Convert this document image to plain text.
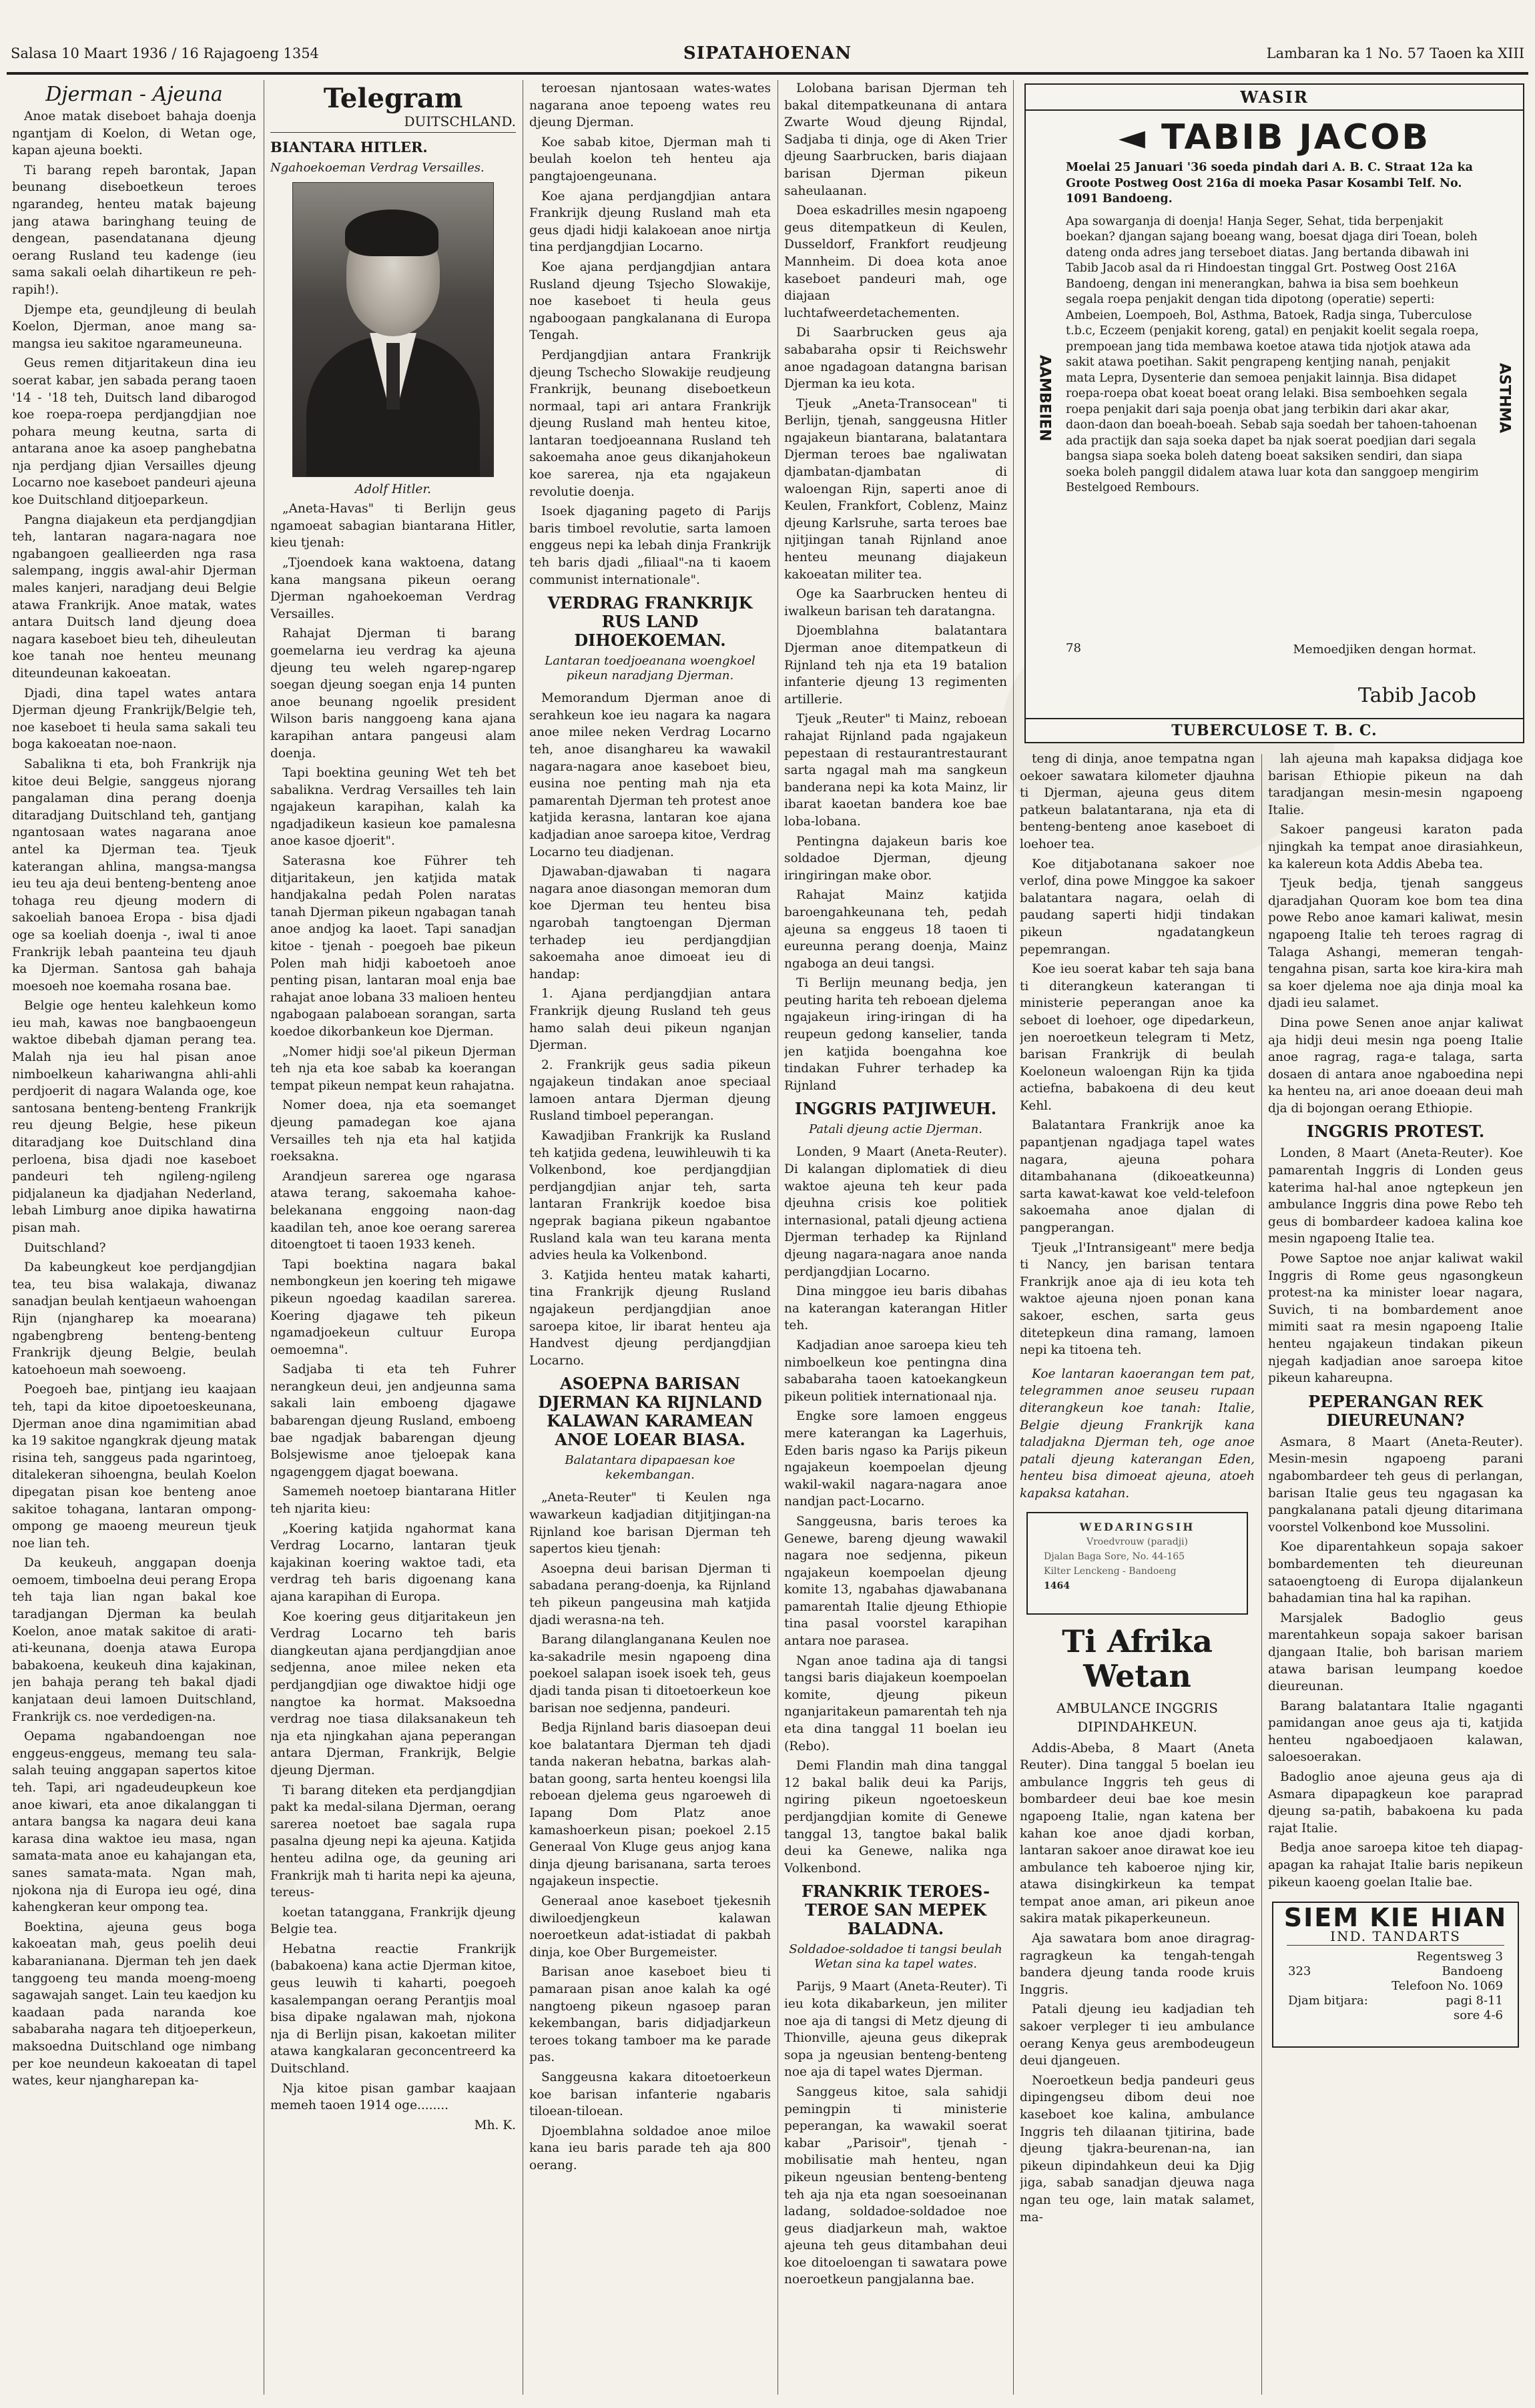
Salasa 10 Maart 1936 / 16 Rajagoeng 1354	SIPATAHOENAN	Lambaran ka 1 No. 57 Taoen ka XIII
Djerman - Ajeuna

Anoe matak diseboet bahaja doenja ngantjam di Koelon, di Wetan oge, kapan ajeuna boekti.

Ti barang repeh barontak, Japan beunang diseboetkeun teroes ngarandeg, henteu matak bajeung jang atawa baringhang teuing de dengean, pasendatanana djeung oerang Rusland teu kadenge (ieu sama sakali oelah dihartikeun re peh-rapih!).

Djempe eta, geundjleung di beulah Koelon, Djerman, anoe mang sa-mangsa ieu sakitoe ngarameuneuna.

Geus remen ditjaritakeun dina ieu soerat kabar, jen sabada perang taoen '14 - '18 teh, Duitsch land dibarogod koe roepa-roepa perdjangdjian noe pohara meung keutna, sarta di antarana anoe ka asoep panghebatna nja perdjang djian Versailles djeung Locarno noe kaseboet pandeuri ajeuna koe Duitschland ditjoeparkeun.

Pangna diajakeun eta perdjangdjian teh, lantaran nagara-nagara noe ngabangoen geallieerden nga rasa salempang, inggis awal-ahir Djerman males kanjeri, naradjang deui Belgie atawa Frankrijk. Anoe matak, wates antara Duitsch land djeung doea nagara kaseboet bieu teh, diheuleutan koe tanah noe henteu meunang diteundeunan kakoeatan.

Djadi, dina tapel wates antara Djerman djeung Frankrijk/Belgie teh, noe kaseboet ti heula sama sakali teu boga kakoeatan noe-naon.

Sabalikna ti eta, boh Frankrijk nja kitoe deui Belgie, sanggeus njorang pangalaman dina perang doenja ditaradjang Duitschland teh, gantjang ngantosaan wates nagarana anoe antel ka Djerman tea. Tjeuk katerangan ahlina, mangsa-mangsa ieu teu aja deui benteng-benteng anoe tohaga reu djeung modern di sakoeliah banoea Eropa - bisa djadi oge sa koeliah doenja -, iwal ti anoe Frankrijk lebah paanteina teu djauh ka Djerman. Santosa gah bahaja moesoeh noe koemaha rosana bae.

Belgie oge henteu kalehkeun komo ieu mah, kawas noe bangbaoengeun waktoe dibebah djaman perang tea. Malah nja ieu hal pisan anoe nimboelkeun kahariwangna ahli-ahli perdjoerit di nagara Walanda oge, koe santosana benteng-benteng Frankrijk reu djeung Belgie, hese pikeun ditaradjang koe Duitschland dina perloena, bisa djadi noe kaseboet pandeuri teh ngileng-ngileng pidjalaneun ka djadjahan Nederland, lebah Limburg anoe dipika hawatirna pisan mah.

Duitschland?

Da kabeungkeut koe perdjangdjian tea, teu bisa walakaja, diwanaz sanadjan beulah kentjaeun wahoengan Rijn (njangharep ka moearana) ngabengbreng benteng-benteng Frankrijk djeung Belgie, beulah katoehoeun mah soewoeng.

Poegoeh bae, pintjang ieu kaajaan teh, tapi da kitoe dipoetoeskeunana, Djerman anoe dina ngamimitian abad ka 19 sakitoe ngangkrak djeung matak risina teh, sanggeus pada ngarintoeg, ditalekeran sihoengna, beulah Koelon dipegatan pisan koe benteng anoe sakitoe tohagana, lantaran ompong-ompong ge maoeng meureun tjeuk noe lian teh.

Da keukeuh, anggapan doenja oemoem, timboelna deui perang Eropa teh taja lian ngan bakal koe taradjangan Djerman ka beulah Koelon, anoe matak sakitoe di arati-ati-keunana, doenja atawa Europa babakoena, keukeuh dina kajakinan, jen bahaja perang teh bakal djadi kanjataan deui lamoen Duitschland, Frankrijk cs. noe verdedigen-na.

Oepama ngabandoengan noe enggeus-enggeus, memang teu sala-salah teuing anggapan sapertos kitoe teh. Tapi, ari ngadeudeupkeun koe anoe kiwari, eta anoe dikalanggan ti antara bangsa ka nagara deui kana karasa dina waktoe ieu masa, ngan samata-mata anoe eu kahajangan eta, sanes samata-mata. Ngan mah, njokona nja di Europa ieu ogé, dina kahengkeran keur ompong tea.

Boektina, ajeuna geus boga kakoeatan mah, geus poelih deui kabaranianana. Djerman teh jen daek tanggoeng teu manda moeng-moeng sagawajah sanget. Lain teu kaedjon ku kaadaan pada naranda koe sababaraha nagara teh ditjoeperkeun, maksoedna Duitschland oge nimbang per koe neundeun kakoeatan di tapel wates, keur njangharepan ka-

Telegram
DUITSCHLAND.
BIANTARA HITLER.
Ngahoekoeman Verdrag Versailles.

Adolf Hitler.

„Aneta-Havas" ti Berlijn geus ngamoeat sabagian biantarana Hitler, kieu tjenah:

„Tjoendoek kana waktoena, datang kana mangsana pikeun oerang Djerman ngahoekoeman Verdrag Versailles.

Rahajat Djerman ti barang goemelarna ieu verdrag ka ajeuna djeung teu weleh ngarep-ngarep soegan djeung soegan enja 14 punten anoe beunang ngoelik president Wilson baris nanggoeng kana ajana karapihan antara pangeusi alam doenja.

Tapi boektina geuning Wet teh bet sabalikna. Verdrag Versailles teh lain ngajakeun karapihan, kalah ka ngadjadikeun kasieun koe pamalesna anoe kasoe djoerit".

Saterasna koe Führer teh ditjaritakeun, jen katjida matak handjakalna pedah Polen naratas tanah Djerman pikeun ngabagan tanah anoe andjog ka laoet. Tapi sanadjan kitoe - tjenah - poegoeh bae pikeun Polen mah hidji kaboetoeh anoe penting pisan, lantaran moal enja bae rahajat anoe lobana 33 malioen henteu ngabogaan palaboean sorangan, sarta koedoe dikorbankeun koe Djerman.

„Nomer hidji soe'al pikeun Djerman teh nja eta koe sabab ka koerangan tempat pikeun nempat keun rahajatna.

Nomer doea, nja eta soemanget djeung pamadegan koe ajana Versailles teh nja eta hal katjida roeksakna.

Arandjeun sarerea oge ngarasa atawa terang, sakoemaha kahoe-belekanana enggoing naon-dag kaadilan teh, anoe koe oerang sarerea ditoengtoet ti taoen 1933 keneh.

Tapi boektina nagara bakal nembongkeun jen koering teh migawe pikeun ngoedag kaadilan sarerea. Koering djagawe teh pikeun ngamadjoekeun cultuur Europa oemoemna".

Sadjaba ti eta teh Fuhrer nerangkeun deui, jen andjeunna sama sakali lain emboeng djagawe babarengan djeung Rusland, emboeng bae ngadjak babarengan djeung Bolsjewisme anoe tjeloepak kana ngagenggem djagat boewana.

Samemeh noetoep biantarana Hitler teh njarita kieu:

„Koering katjida ngahormat kana Verdrag Locarno, lantaran tjeuk kajakinan koering waktoe tadi, eta verdrag teh baris digoenang kana ajana karapihan di Europa.

Koe koering geus ditjaritakeun jen Verdrag Locarno teh baris diangkeutan ajana perdjangdjian anoe sedjenna, anoe milee neken eta perdjangdjian oge diwaktoe hidji oge nangtoe ka hormat. Maksoedna verdrag noe tiasa dilaksanakeun teh nja eta njingkahan ajana peperangan antara Djerman, Frankrijk, Belgie djeung Djerman.

Ti barang diteken eta perdjangdjian pakt ka medal-silana Djerman, oerang sarerea noetoet bae sagala rupa pasalna djeung nepi ka ajeuna. Katjida henteu adilna oge, da geuning ari Frankrijk mah ti harita nepi ka ajeuna, tereus-

koetan tatanggana, Frankrijk djeung Belgie tea.

Hebatna reactie Frankrijk (babakoena) kana actie Djerman kitoe, geus leuwih ti kaharti, poegoeh kasalempangan oerang Perantjis moal bisa dipake ngalawan mah, njokona nja di Berlijn pisan, kakoetan militer atawa kangkalaran geconcentreerd ka Duitschland.

Nja kitoe pisan gambar kaajaan memeh taoen 1914 oge........

Mh. K.

teroesan njantosaan wates-wates nagarana anoe tepoeng wates reu djeung Djerman.

Koe sabab kitoe, Djerman mah ti beulah koelon teh henteu aja pangtajoengeunana.

Koe ajana perdjangdjian antara Frankrijk djeung Rusland mah eta geus djadi hidji kalakoean anoe nirtja tina perdjangdjian Locarno.

Koe ajana perdjangdjian antara Rusland djeung Tsjecho Slowakije, noe kaseboet ti heula geus ngaboogaan pangkalanana di Europa Tengah.

Perdjangdjian antara Frankrijk djeung Tschecho Slowakije reudjeung Frankrijk, beunang diseboetkeun normaal, tapi ari antara Frankrijk djeung Rusland mah henteu kitoe, lantaran toedjoeannana Rusland teh sakoemaha anoe geus dikanjahokeun koe sarerea, nja eta ngajakeun revolutie doenja.

Isoek djaganing pageto di Parijs baris timboel revolutie, sarta lamoen enggeus nepi ka lebah dinja Frankrijk teh baris djadi „filiaal"-na ti kaoem communist internationale".

VERDRAG FRANKRIJK RUS LAND DIHOEKOEMAN.
Lantaran toedjoeanana woengkoel pikeun naradjang Djerman.

Memorandum Djerman anoe di serahkeun koe ieu nagara ka nagara anoe milee neken Verdrag Locarno teh, anoe disanghareu ka wawakil nagara-nagara anoe kaseboet bieu, eusina noe penting mah nja eta pamarentah Djerman teh protest anoe katjida kerasna, lantaran koe ajana kadjadian anoe saroepa kitoe, Verdrag Locarno teu diadjenan.

Djawaban-djawaban ti nagara nagara anoe diasongan memoran dum koe Djerman teu henteu bisa ngarobah tangtoengan Djerman terhadep ieu perdjangdjian sakoemaha anoe dimoeat ieu di handap:

1. Ajana perdjangdjian antara Frankrijk djeung Rusland teh geus hamo salah deui pikeun nganjan Djerman.

2. Frankrijk geus sadia pikeun ngajakeun tindakan anoe speciaal lamoen antara Djerman djeung Rusland timboel peperangan.

Kawadjiban Frankrijk ka Rusland teh katjida gedena, leuwihleuwih ti ka Volkenbond, koe perdjangdjian perdjangdjian anjar teh, sarta lantaran Frankrijk koedoe bisa ngeprak bagiana pikeun ngabantoe Rusland kala wan teu karana menta advies heula ka Volkenbond.

3. Katjida henteu matak kaharti, tina Frankrijk djeung Rusland ngajakeun perdjangdjian anoe saroepa kitoe, lir ibarat henteu aja Handvest djeung perdjangdjian Locarno.

ASOEPNA BARISAN DJERMAN KA RIJNLAND KALAWAN KARAMEAN ANOE LOEAR BIASA.
Balatantara dipapaesan koe kekembangan.

„Aneta-Reuter" ti Keulen nga wawarkeun kadjadian ditjitjingan-na Rijnland koe barisan Djerman teh sapertos kieu tjenah:

Asoepna deui barisan Djerman ti sabadana perang-doenja, ka Rijnland teh pikeun pangeusina mah katjida djadi werasna-na teh.

Barang dilanglanganana Keulen noe ka-sakadrile mesin ngapoeng dina poekoel salapan isoek isoek teh, geus djadi tanda pisan ti ditoetoerkeun koe barisan noe sedjenna, pandeuri.

Bedja Rijnland baris diasoepan deui koe balatantara Djerman teh djadi tanda nakeran hebatna, barkas alah-batan goong, sarta henteu koengsi lila reboean djelema geus ngaroeweh di Iapang Dom Platz anoe kamashoerkeun pisan; poekoel 2.15 Generaal Von Kluge geus anjog kana dinja djeung barisanana, sarta teroes ngajakeun inspectie.

Generaal anoe kaseboet tjekesnih diwiloedjengkeun kalawan noeroetkeun adat-istiadat di pakbah dinja, koe Ober Burgemeister.

Barisan anoe kaseboet bieu ti pamaraan pisan anoe kalah ka ogé nangtoeng pikeun ngasoep paran kekembangan, baris didjadjarkeun teroes tokang tamboer ma ke parade pas.

Sanggeusna kakara ditoetoerkeun koe barisan infanterie ngabaris tiloean-tiloean.

Djoemblahna soldadoe anoe miloe kana ieu baris parade teh aja 800 oerang.

Lolobana barisan Djerman teh bakal ditempatkeunana di antara Zwarte Woud djeung Rijndal, Sadjaba ti dinja, oge di Aken Trier djeung Saarbrucken, baris diajaan barisan Djerman pikeun saheulaanan.

Doea eskadrilles mesin ngapoeng geus ditempatkeun di Keulen, Dusseldorf, Frankfort reudjeung Mannheim. Di doea kota anoe kaseboet pandeuri mah, oge diajaan luchtafweerdetachementen.

Di Saarbrucken geus aja sababaraha opsir ti Reichswehr anoe ngadagoan datangna barisan Djerman ka ieu kota.

Tjeuk „Aneta-Transocean" ti Berlijn, tjenah, sanggeusna Hitler ngajakeun biantarana, balatantara Djerman teroes bae ngaliwatan djambatan-djambatan di waloengan Rijn, saperti anoe di Keulen, Frankfort, Coblenz, Mainz djeung Karlsruhe, sarta teroes bae njitjingan tanah Rijnland anoe henteu meunang diajakeun kakoeatan militer tea.

Oge ka Saarbrucken henteu di iwalkeun barisan teh daratangna.

Djoemblahna balatantara Djerman anoe ditempatkeun di Rijnland teh nja eta 19 batalion infanterie djeung 13 regimenten artillerie.

Tjeuk „Reuter" ti Mainz, reboean rahajat Rijnland pada ngajakeun pepestaan di restaurantrestaurant sarta ngagal mah ma sangkeun banderana nepi ka kota Mainz, lir ibarat kaoetan bandera koe bae loba-lobana.

Pentingna dajakeun baris koe soldadoe Djerman, djeung iringiringan make obor.

Rahajat Mainz katjida baroengahkeunana teh, pedah ajeuna sa enggeus 18 taoen ti eureunna perang doenja, Mainz ngaboga an deui tangsi.

Ti Berlijn meunang bedja, jen peuting harita teh reboean djelema ngajakeun iring-iringan di ha reupeun gedong kanselier, tanda jen katjida boengahna koe tindakan Fuhrer terhadep ka Rijnland

INGGRIS PATJIWEUH.
Patali djeung actie Djerman.

Londen, 9 Maart (Aneta-Reuter). Di kalangan diplomatiek di dieu waktoe ajeuna teh keur pada djeuhna crisis koe politiek internasional, patali djeung actiena Djerman terhadep ka Rijnland djeung nagara-nagara anoe nanda perdjangdjian Locarno.

Dina minggoe ieu baris dibahas na katerangan katerangan Hitler teh.

Kadjadian anoe saroepa kieu teh nimboelkeun koe pentingna dina sababaraha taoen katoekangkeun pikeun politiek internationaal nja.

Engke sore lamoen enggeus mere katerangan ka Lagerhuis, Eden baris ngaso ka Parijs pikeun ngajakeun koempoelan djeung wakil-wakil nagara-nagara anoe nandjan pact-Locarno.

Sanggeusna, baris teroes ka Genewe, bareng djeung wawakil nagara noe sedjenna, pikeun ngajakeun koempoelan djeung komite 13, ngabahas djawabanana pamarentah Italie djeung Ethiopie tina pasal voorstel karapihan antara noe parasea.

Ngan anoe tadina aja di tangsi tangsi baris diajakeun koempoelan komite, djeung pikeun nganjaritakeun pamarentah teh nja eta dina tanggal 11 boelan ieu (Rebo).

Demi Flandin mah dina tanggal 12 bakal balik deui ka Parijs, ngiring pikeun ngoetoeskeun perdjangdjian komite di Genewe tanggal 13, tangtoe bakal balik deui ka Genewe, nalika nga Volkenbond.

FRANKRIK TEROES-TEROE SAN MEPEK BALADNA.
Soldadoe-soldadoe ti tangsi beulah Wetan sina ka tapel wates.

Parijs, 9 Maart (Aneta-Reuter). Ti ieu kota dikabarkeun, jen militer noe aja di tangsi di Metz djeung di Thionville, ajeuna geus dikeprak sopa ja ngeusian benteng-benteng noe aja di tapel wates Djerman.

Sanggeus kitoe, sala sahidji pemingpin ti ministerie peperangan, ka wawakil soerat kabar „Parisoir", tjenah - mobilisatie mah henteu, ngan pikeun ngeusian benteng-benteng teh aja nja eta ngan soesoeinanan ladang, soldadoe-soldadoe noe geus diadjarkeun mah, waktoe ajeuna teh geus ditambahan deui koe ditoeloengan ti sawatara powe noeroetkeun pangjalanna bae.

WASIR
◄ TABIB JACOB
Moelai 25 Januari '36 soeda pindah dari A. B. C. Straat 12a ka Groote Postweg Oost 216a di moeka Pasar Kosambi Telf. No. 1091 Bandoeng.
Apa sowarganja di doenja! Hanja Seger, Sehat, tida berpenjakit boekan? djangan sajang boeang wang, boesat djaga diri Toean, boleh dateng onda adres jang terseboet diatas. Jang bertanda dibawah ini Tabib Jacob asal da ri Hindoestan tinggal Grt. Postweg Oost 216A Bandoeng, dengan ini menerangkan, bahwa ia bisa sem boehkeun segala roepa penjakit dengan tida dipotong (operatie) seperti: Ambeien, Loempoeh, Bol, Asthma, Batoek, Radja singa, Tuberculose t.b.c, Eczeem (penjakit koreng, gatal) en penjakit koelit segala roepa, prempoean jang tida membawa koetoe atawa tida njotjok atawa ada sakit atawa poetihan. Sakit pengrapeng kentjing nanah, penjakit mata Lepra, Dysenterie dan semoea penjakit lainnja. Bisa didapet roepa-roepa obat koeat boeat orang lelaki. Bisa semboehken segala roepa penjakit dari saja poenja obat jang terbikin dari akar akar, daon-daon dan boeah-boeah. Sebab saja soedah ber tahoen-tahoenan ada practijk dan saja soeka dapet ba njak soerat poedjian dari segala bangsa siapa soeka boleh dateng boeat saksiken sendiri, dan siapa soeka boleh panggil didalem atawa luar kota dan sanggoep mengirim Bestelgoed Rembours.
AAMBEIEN	ASTHMA
78	Memoedjiken dengan hormat.
Tabib Jacob
TUBERCULOSE T. B. C.

teng di dinja, anoe tempatna ngan oekoer sawatara kilometer djauhna ti Djerman, ajeuna geus ditem patkeun balatantarana, nja eta di benteng-benteng anoe kaseboet di loehoer tea.

Koe ditjabotanana sakoer noe verlof, dina powe Minggoe ka sakoer balatantara nagara, oelah di paudang saperti hidji tindakan pikeun ngadatangkeun pepemrangan.

Koe ieu soerat kabar teh saja bana ti diterangkeun katerangan ti ministerie peperangan anoe ka seboet di loehoer, oge dipedarkeun, jen noeroetkeun telegram ti Metz, barisan Frankrijk di beulah Koeloneun waloengan Rijn ka tjida actiefna, babakoena di deu keut Kehl.

Balatantara Frankrijk anoe ka papantjenan ngadjaga tapel wates nagara, ajeuna pohara ditambahanana (dikoeatkeunna) sarta kawat-kawat koe veld-telefoon sakoemaha anoe djalan di pangperangan.

Tjeuk „l'Intransigeant" mere bedja ti Nancy, jen barisan tentara Frankrijk anoe aja di ieu kota teh waktoe ajeuna njoen ponan kana sakoer, eschen, sarta geus ditetepkeun dina ramang, lamoen nepi ka titoena teh.

Koe lantaran kaoerangan tem pat, telegrammen anoe seuseu rupaan diterangkeun koe tanah: Italie, Belgie djeung Frankrijk kana taladjakna Djerman teh, oge anoe patali djeung katerangan Eden, henteu bisa dimoeat ajeuna, atoeh kapaksa katahan.

WEDARINGSIH
Vroedvrouw (paradji)
Djalan Baga Sore, No. 44-165
Kilter Lenckeng - Bandoeng
1464
Ti Afrika Wetan
AMBULANCE INGGRIS DIPINDAHKEUN.

Addis-Abeba, 8 Maart (Aneta Reuter). Dina tanggal 5 boelan ieu ambulance Inggris teh geus di bombardeer deui bae koe mesin ngapoeng Italie, ngan katena ber kahan koe anoe djadi korban, lantaran sakoer anoe dirawat koe ieu ambulance teh kaboeroe njing kir, atawa disingkirkeun ka tempat tempat anoe aman, ari pikeun anoe sakira matak pikaperkeuneun.

Aja sawatara bom anoe diragrag-ragragkeun ka tengah-tengah bandera djeung tanda roode kruis Inggris.

Patali djeung ieu kadjadian teh sakoer verpleger ti ieu ambulance oerang Kenya geus arembodeugeun deui djangeuen.

Noeroetkeun bedja pandeuri geus dipingengseu dibom deui noe kaseboet koe kalina, ambulance Inggris teh dilaanan tjitirina, bade djeung tjakra-beurenan-na, ian pikeun dipindahkeun deui ka Djig jiga, sabab sanadjan djeuwa naga ngan teu oge, lain matak salamet, ma-

lah ajeuna mah kapaksa didjaga koe barisan Ethiopie pikeun na dah taradjangan mesin-mesin ngapoeng Italie.

Sakoer pangeusi karaton pada njingkah ka tempat anoe dirasiahkeun, ka kalereun kota Addis Abeba tea.

Tjeuk bedja, tjenah sanggeus djaradjahan Quoram koe bom tea dina powe Rebo anoe kamari kaliwat, mesin ngapoeng Italie teh teroes ragrag di Talaga Ashangi, memeran tengah-tengahna pisan, sarta koe kira-kira mah sa koer djelema noe aja dinja moal ka djadi ieu salamet.

Dina powe Senen anoe anjar kaliwat aja hidji deui mesin nga poeng Italie anoe ragrag, raga-e talaga, sarta dosaen di antara anoe ngaboedina nepi ka henteu na, ari anoe doeaan deui mah dja di bojongan oerang Ethiopie.

INGGRIS PROTEST.

Londen, 8 Maart (Aneta-Reuter). Koe pamarentah Inggris di Londen geus katerima hal-hal anoe ngtepkeun jen ambulance Inggris dina powe Rebo teh geus di bombardeer kadoea kalina koe mesin ngapoeng Italie tea.

Powe Saptoe noe anjar kaliwat wakil Inggris di Rome geus ngasongkeun protest-na ka minister loear nagara, Suvich, ti na bombardement anoe mimiti saat ra mesin ngapoeng Italie henteu ngajakeun tindakan pikeun njegah kadjadian anoe saroepa kitoe pikeun kahareupna.

PEPERANGAN REK DIEUREUNAN?

Asmara, 8 Maart (Aneta-Reuter). Mesin-mesin ngapoeng parani ngabombardeer teh geus di perlangan, barisan Italie geus teu ngagasan ka pangkalanana patali djeung ditarimana voorstel Volkenbond koe Mussolini.

Koe diparentahkeun sopaja sakoer bombardementen teh dieureunan sataoengtoeng di Europa dijalankeun bahadamian tina hal ka rapihan.

Marsjalek Badoglio geus marentahkeun sopaja sakoer barisan djangaan Italie, boh barisan mariem atawa barisan leumpang koedoe dieureunan.

Barang balatantara Italie ngaganti pamidangan anoe geus aja ti, katjida henteu ngaboedjaoen kalawan, saloesoerakan.

Badoglio anoe ajeuna geus aja di Asmara dipapagkeun koe paraprad djeung sa-patih, babakoena ku pada rajat Italie.

Bedja anoe saroepa kitoe teh diapag-apagan ka rahajat Italie baris nepikeun pikeun kaoeng goelan Italie bae.

SIEM KIE HIAN
IND. TANDARTS
Regentsweg 3
323	Bandoeng
Telefoon No. 1069
Djam bitjara:	pagi 8-11
sore 4-6
